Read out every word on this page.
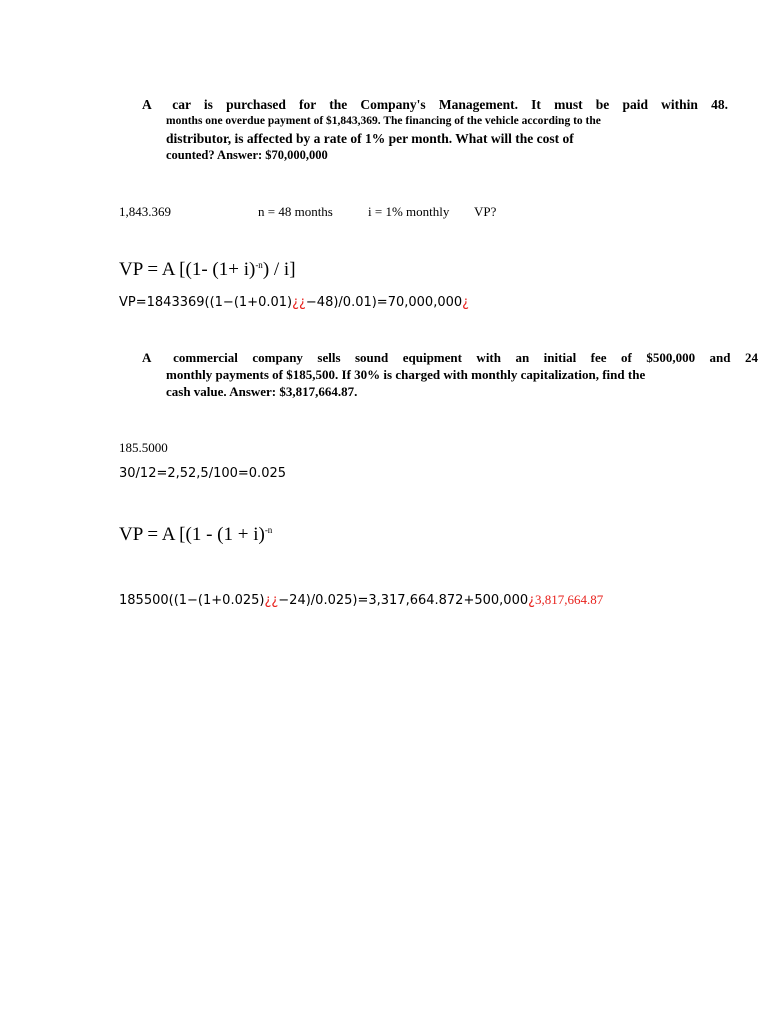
A car is purchased for the Company's Management. It must be paid within 48.
months one overdue payment of $1,843,369. The financing of the vehicle according to the
distributor, is affected by a rate of 1% per month. What will the cost of
counted? Answer: $70,000,000
1,843.369	n = 48 months	i = 1% monthly VP?
VP = A [(1- $(1+ i)^{-n}) / i$]
VP=1843369((1−(1+0.01)¿¿−48)/0.01)=70,000,000¿
A commercial company sells sound equipment with an initial fee of $500,000 and 24
monthly payments of $185,500. If 30% is charged with monthly capitalization, find the
cash value. Answer: $3,817,664.87.
185.5000
30/12=2,52,5/100=0.025
VP = A [($1 - (1 + i)^{-n}$
185500((1−(1+0.025)¿¿−24)/0.025)=3,317,664.872+500,000¿3,817,664.87
